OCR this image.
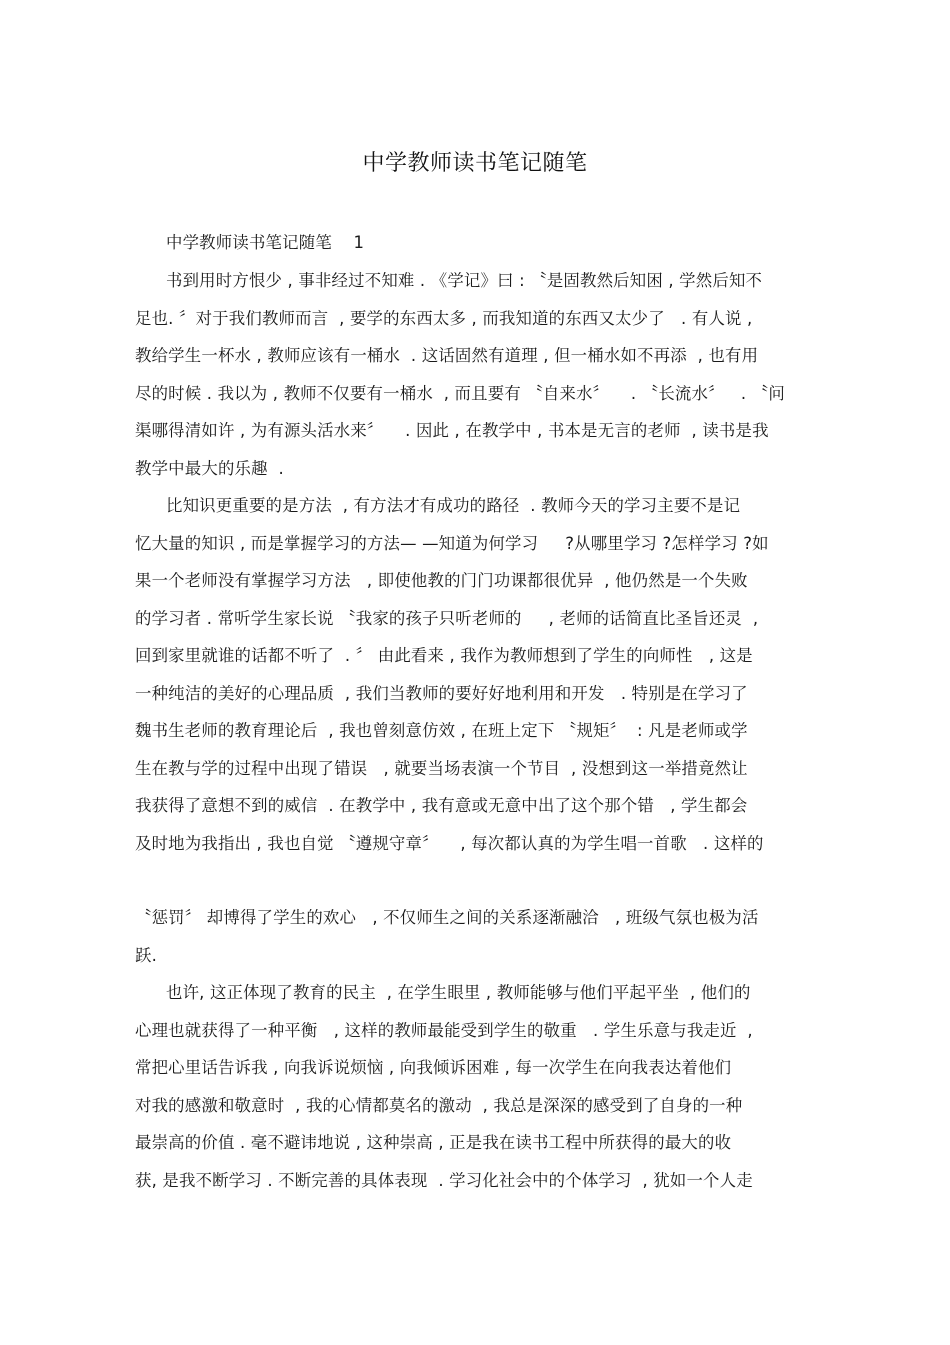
中学教师读书笔记随笔
中学教师读书笔记随笔    1
书到用时方恨少 , 事非经过不知难 . 《学记》曰 : 〝是固教然后知困 , 学然后知不
足也. 〞对于我们教师而言  , 要学的东西太多 , 而我知道的东西又太少了   . 有人说 ,
教给学生一杯水 , 教师应该有一桶水  . 这话固然有道理 , 但一桶水如不再添  , 也有用
尽的时候 . 我以为 , 教师不仅要有一桶水  , 而且要有 〝自来水〞    . 〝长流水〞   . 〝问
渠哪得清如许 , 为有源头活水来〞    . 因此 , 在教学中 , 书本是无言的老师  , 读书是我
教学中最大的乐趣  .
比知识更重要的是方法  , 有方法才有成功的路径  . 教师今天的学习主要不是记
忆大量的知识 , 而是掌握学习的方法— —知道为何学习     ?从哪里学习 ?怎样学习 ?如
果一个老师没有掌握学习方法   , 即使他教的门门功课都很优异  , 他仍然是一个失败
的学习者 . 常听学生家长说 〝我家的孩子只听老师的     , 老师的话简直比圣旨还灵  ,
回到家里就谁的话都不听了  . 〞 由此看来 , 我作为教师想到了学生的向师性   , 这是
一种纯洁的美好的心理品质  , 我们当教师的要好好地利用和开发   . 特别是在学习了
魏书生老师的教育理论后  , 我也曾刻意仿效 , 在班上定下 〝规矩〞  : 凡是老师或学
生在教与学的过程中出现了错误   , 就要当场表演一个节目  , 没想到这一举措竟然让
我获得了意想不到的威信  . 在教学中 , 我有意或无意中出了这个那个错   , 学生都会
及时地为我指出 , 我也自觉 〝遵规守章〞    , 每次都认真的为学生唱一首歌   . 这样的
〝惩罚〞 却博得了学生的欢心   , 不仅师生之间的关系逐渐融洽   , 班级气氛也极为活
跃.
也许, 这正体现了教育的民主  , 在学生眼里 , 教师能够与他们平起平坐  , 他们的
心理也就获得了一种平衡   , 这样的教师最能受到学生的敬重   . 学生乐意与我走近  ,
常把心里话告诉我 , 向我诉说烦恼 , 向我倾诉困难 , 每一次学生在向我表达着他们
对我的感激和敬意时  , 我的心情都莫名的激动  , 我总是深深的感受到了自身的一种
最崇高的价值 . 毫不避讳地说 , 这种崇高 , 正是我在读书工程中所获得的最大的收
获, 是我不断学习 . 不断完善的具体表现  . 学习化社会中的个体学习  , 犹如一个人走
